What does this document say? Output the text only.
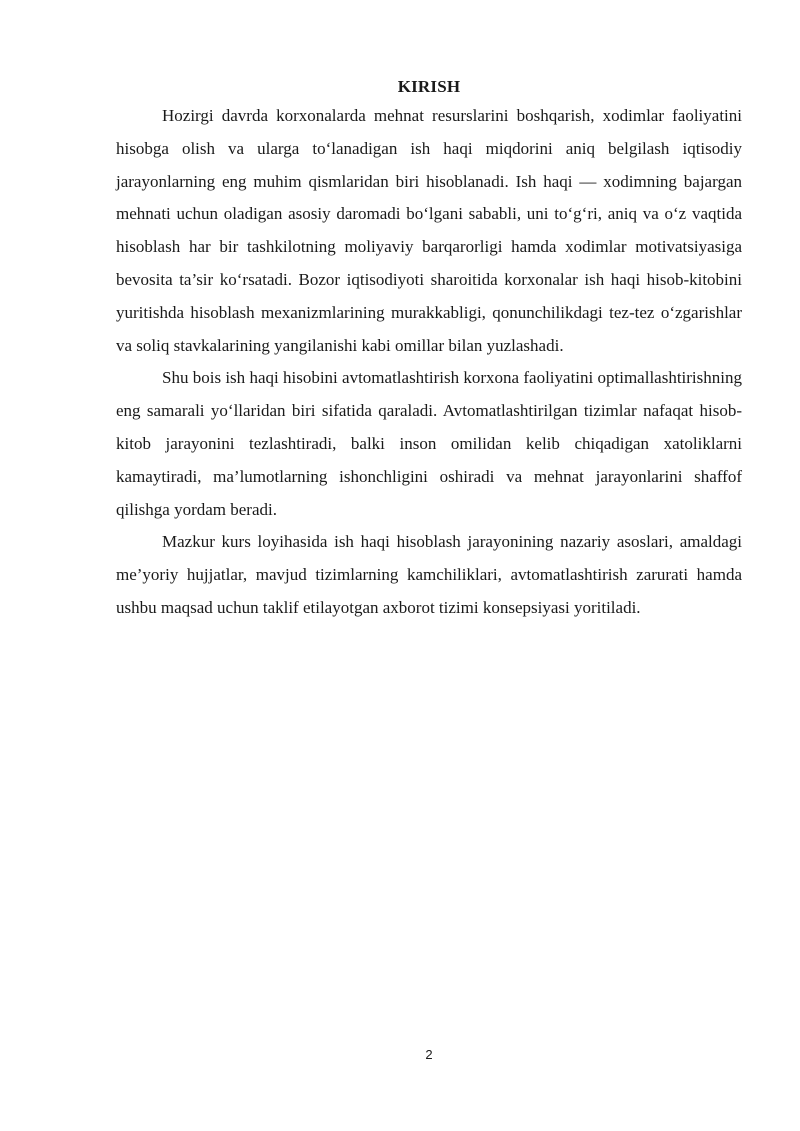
KIRISH

Hozirgi davrda korxonalarda mehnat resurslarini boshqarish, xodimlar faoliyatini hisobga olish va ularga to‘lanadigan ish haqi miqdorini aniq belgilash iqtisodiy jarayonlarning eng muhim qismlaridan biri hisoblanadi. Ish haqi — xodimning bajargan mehnati uchun oladigan asosiy daromadi bo‘lgani sababli, uni to‘g‘ri, aniq va o‘z vaqtida hisoblash har bir tashkilotning moliyaviy barqarorligi hamda xodimlar motivatsiyasiga bevosita ta’sir ko‘rsatadi. Bozor iqtisodiyoti sharoitida korxonalar ish haqi hisob-kitobini yuritishda hisoblash mexanizmlarining murakkabligi, qonunchilikdagi tez-tez o‘zgarishlar va soliq stavkalarining yangilanishi kabi omillar bilan yuzlashadi.

Shu bois ish haqi hisobini avtomatlashtirish korxona faoliyatini optimallashtirishning eng samarali yo‘llaridan biri sifatida qaraladi. Avtomatlashtirilgan tizimlar nafaqat hisob-kitob jarayonini tezlashtiradi, balki inson omilidan kelib chiqadigan xatoliklarni kamaytiradi, ma’lumotlarning ishonchligini oshiradi va mehnat jarayonlarini shaffof qilishga yordam beradi.

Mazkur kurs loyihasida ish haqi hisoblash jarayonining nazariy asoslari, amaldagi me’yoriy hujjatlar, mavjud tizimlarning kamchiliklari, avtomatlashtirish zarurati hamda ushbu maqsad uchun taklif etilayotgan axborot tizimi konsepsiyasi yoritiladi.

2
